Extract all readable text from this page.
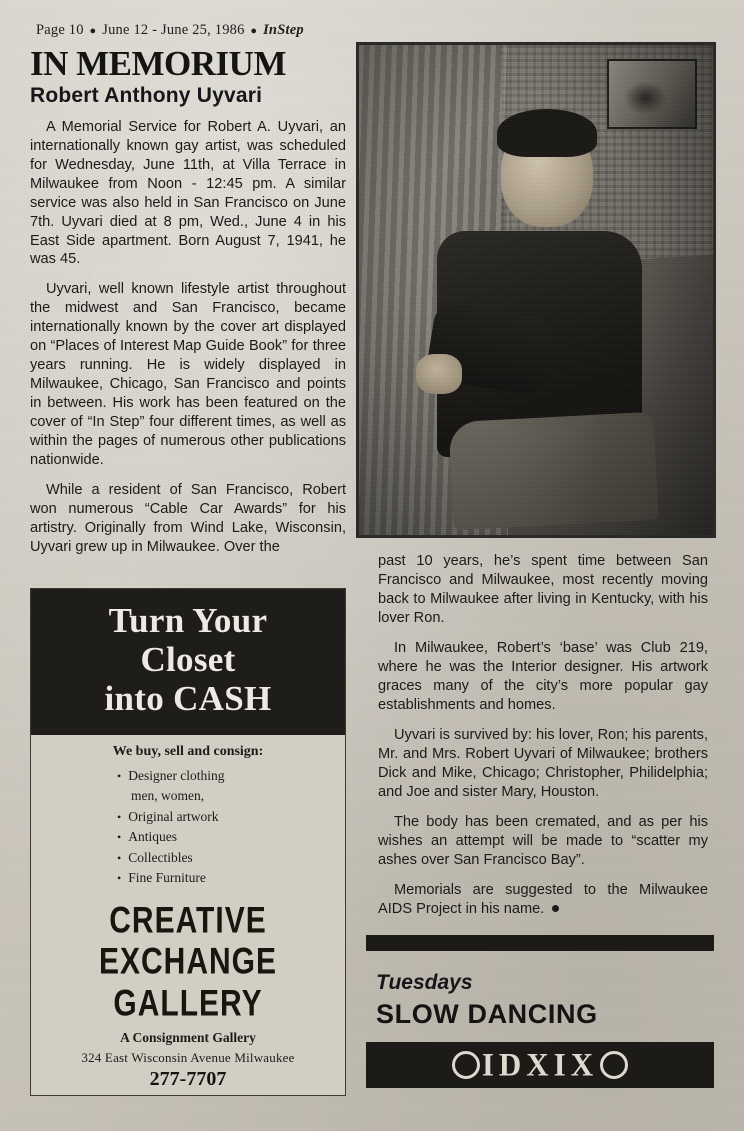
Page 10 ● June 12 - June 25, 1986 ● InStep
IN MEMORIUM
Robert Anthony Uyvari

A Memorial Service for Robert A. Uyvari, an internationally known gay artist, was scheduled for Wednesday, June 11th, at Villa Terrace in Milwaukee from Noon - 12:45 pm. A similar service was also held in San Francisco on June 7th. Uyvari died at 8 pm, Wed., June 4 in his East Side apartment. Born August 7, 1941, he was 45.

Uyvari, well known lifestyle artist throughout the midwest and San Francisco, became internationally known by the cover art displayed on “Places of Interest Map Guide Book” for three years running. He is widely displayed in Milwaukee, Chicago, San Francisco and points in between. His work has been featured on the cover of “In Step” four different times, as well as within the pages of numerous other publications nationwide.

While a resident of San Francisco, Robert won numerous “Cable Car Awards” for his artistry. Originally from Wind Lake, Wisconsin, Uyvari grew up in Milwaukee. Over the

past 10 years, he’s spent time between San Francisco and Milwaukee, most recently moving back to Milwaukee after living in Kentucky, with his lover Ron.

In Milwaukee, Robert’s ‘base’ was Club 219, where he was the Interior designer. His artwork graces many of the city’s more popular gay establishments and homes.

Uyvari is survived by: his lover, Ron; his parents, Mr. and Mrs. Robert Uyvari of Milwaukee; brothers Dick and Mike, Chicago; Christopher, Philidelphia; and Joe and sister Mary, Houston.

The body has been cremated, and as per his wishes an attempt will be made to “scatter my ashes over San Francisco Bay”.

Memorials are suggested to the Milwaukee AIDS Project in his name.

Turn Your
Closet
into CASH
We buy, sell and consign:
• Designer clothing
men, women,
• Original artwork
• Antiques
• Collectibles
• Fine Furniture
CREATIVE
EXCHANGE
GALLERY
A Consignment Gallery
324 East Wisconsin Avenue Milwaukee
277-7707
Tuesdays
SLOW DANCING
IDXIX
